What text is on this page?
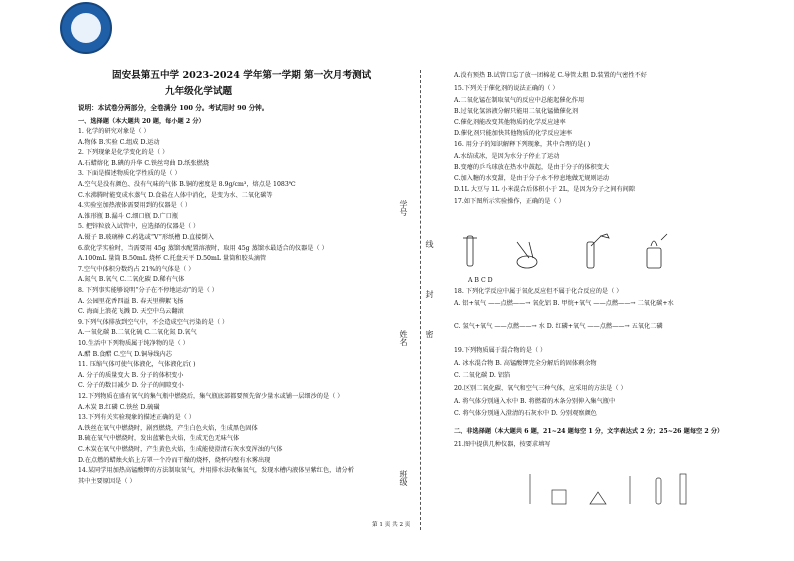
固安县第五中学 2023-2024 学年第一学期 第一次月考测试
九年级化学试题
说明：本试卷分两部分，全卷满分 100 分。考试用时 90 分钟。
学号
姓名
班级
线
封
密
一、选择题（本大题共 20 题，每小题 2 分）
1. 化学的研究对象是（ ）
A.物体 B.实验 C.组成 D.运动
2. 下列现象是化学变化的是（ ）
A.石蜡熔化 B.碘的升华 C.铁丝弯曲 D.纸张燃烧
3. 下面是描述物质化学性质的是（ ）
A.空气是没有颜色、没有气味的气体 B.铜的密度是 8.9g/cm³，熔点是 1083℃
C.水沸腾时能变成水蒸气 D.食盐在人体中消化，是变为水、二氧化碳等
4.实验室加热液体需要用到的仪器是（ ）
A.锥形瓶 B.漏斗 C.细口瓶 D.广口瓶
5. 把锌粒放入试管中，应选择的仪器是（ ）
A.镊子 B.玻璃棒 C.药匙或“V”形纸槽 D.直接倒入
6.欲化学实验时，当需要用 45g 蒸馏水配置溶液时，取用 45g 蒸馏水最适合的仪器是（ ）
A.100mL 量筒 B.50mL 烧杯 C.托盘天平 D.50mL 量筒和胶头滴管
7.空气中体积分数约占 21%的气体是（ ）
A.氮气 B.氧气 C.二氧化碳 D.稀有气体
8. 下列事实能够说明“分子在不停地运动”的是（ ）
A. 公园里花香四溢 B. 春天里柳絮飞扬
C. 海面上浪花飞溅 D. 天空中乌云翻滚
9.下列气体排放到空气中，不会造成空气污染的是（ ）
A.一氧化碳 B.二氧化硫 C.二氧化氮 D.氧气
10.生活中下列物质属于纯净物的是（ ）
A.醋 B.食醋 C.空气 D.铜导线内芯
11. 压缩气体可使气体液化，气体液化后( )
A. 分子的质量变大 B. 分子的体积变小
C. 分子的数目减少 D. 分子的间隙变小
12.下列物质在盛有氧气的集气瓶中燃烧后，集气瓶底部都要预先留少量水或铺一层细沙的是（ ）
A.木炭 B.红磷 C.铁丝 D.硫磺
13.下列有关实验现象的描述正确的是（ ）
A.铁丝在氧气中燃烧时，剧烈燃烧，产生白色火焰，生成黑色固体
B.硫在氧气中燃烧时，发出蓝紫色火焰，生成无色无味气体
C.木炭在氧气中燃烧时，产生黄色火焰，生成能使澄清石灰水变浑浊的气体
D.在点燃的蜡烛火焰上方罩一个冷而干燥的烧杯，烧杯内壁有水雾出现
14.某同学用加热高锰酸钾的方法制取氧气，并用排水法收集氧气，发现水槽内液体呈紫红色，请分析
其中主要原因是（ ）
A.没有预热 B.试管口忘了放一团棉花 C.导管太粗 D.装置的气密性不好
15.下列关于催化剂的说法正确的（ ）
A.二氧化锰在制取氧气的反应中总能起催化作用
B.过氧化氢溶液分解只能用二氧化锰做催化剂
C.催化剂能改变其他物质的化学反应速率
D.催化剂只能加快其他物质的化学反应速率
16. 用分子的知识解释下列现象，其中合理的是( )
A.水结成冰，是因为水分子停止了运动
B.变瘪的乒乓球放在热水中鼓起，是由于分子的体积变大
C.加入糖的水变甜，是由于分子永不停息地做无规则运动
D.1L 大豆与 1L 小米混合后体积小于 2L，是因为分子之间有间隙
17.如下图所示实验操作，正确的是（ ）
A B C D
18. 下列化学反应中属于氧化反应但不属于化合反应的是（ ）
A. 铝+氧气 ——点燃——→ 氧化铝 B. 甲烷+氧气 ——点燃——→ 二氧化碳+水
C. 氢气+氧气 ——点燃——→ 水 D. 红磷+氧气 ——点燃——→ 五氧化二磷
19.下列物质属于混合物的是（ ）
A. 冰水混合物 B. 高锰酸钾完全分解后的固体剩余物
C. 二氧化碳 D. 铝箔
20.区别二氧化碳、氧气和空气三种气体，应采用的方法是（ ）
A. 将气体分别通入水中 B. 将燃着的木条分别伸入集气瓶中
C. 将气体分别通入澄清的石灰水中 D. 分别观察颜色
二、非选择题（本大题共 6 题，21~24 题每空 1 分，文字表达式 2 分；25~26 题每空 2 分）
21.图中提供几种仪器，按要求填写
第 1 页 共 2 页
